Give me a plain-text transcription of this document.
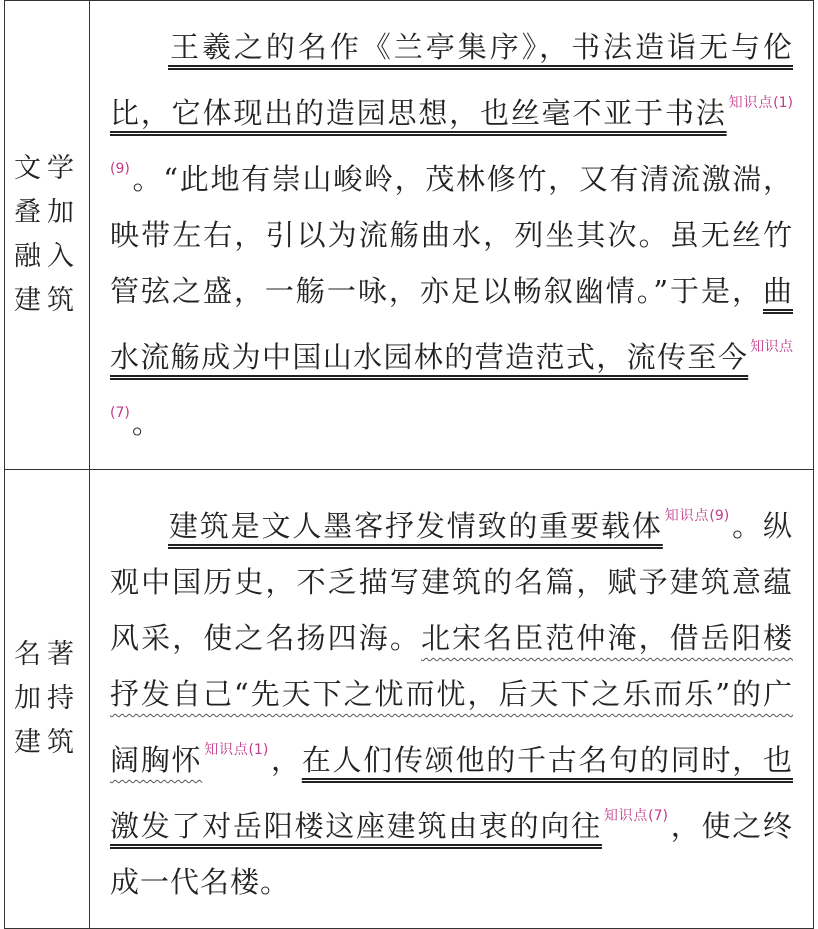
文学
叠加
融入
建筑	王羲之的名作《兰亭集序》，书法造诣无与伦比，它体现出的造园思想，也丝毫不亚于书法 $^{知识点(1)(9)}$。“此地有崇山峻岭，茂林修竹，又有清流激湍，映带左右，引以为流觞曲水，列坐其次。虽无丝竹管弦之盛，一觞一咏，亦足以畅叙幽情。”于是，曲水流觞成为中国山水园林的营造范式，流传至今 $^{知识点(7)}$。

名著
加持
建筑	建筑是文人墨客抒发情致的重要载体 $^{知识点(9)}$。纵观中国历史，不乏描写建筑的名篇，赋予建筑意蕴风采，使之名扬四海。北宋名臣范仲淹，借岳阳楼抒发自己“先天下之忧而忧，后天下之乐而乐”的广阔胸怀 $^{知识点(1)}$，在人们传颂他的千古名句的同时，也激发了对岳阳楼这座建筑由衷的向往 $^{知识点(7)}$，使之终成一代名楼。
